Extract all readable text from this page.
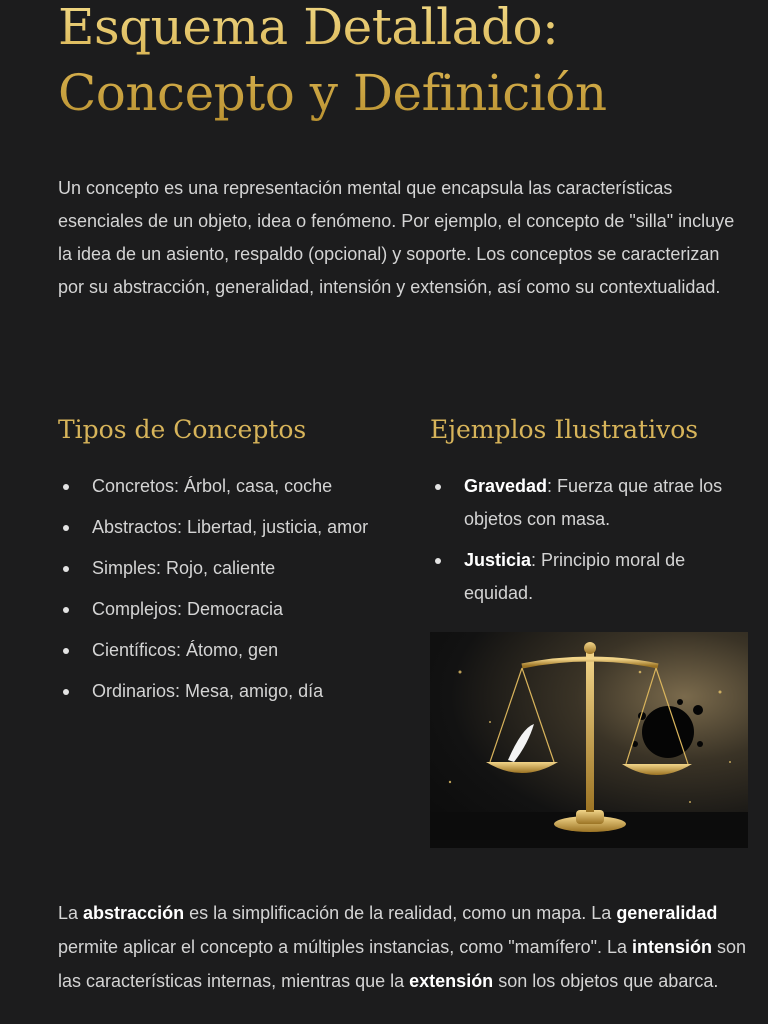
Esquema Detallado:
Concepto y Definición

Un concepto es una representación mental que encapsula las características esenciales de un objeto, idea o fenómeno. Por ejemplo, el concepto de "silla" incluye la idea de un asiento, respaldo (opcional) y soporte. Los conceptos se caracterizan por su abstracción, generalidad, intensión y extensión, así como su contextualidad.

Tipos de Conceptos	Ejemplos Ilustrativos
Concretos: Árbol, casa, coche
Abstractos: Libertad, justicia, amor
Simples: Rojo, caliente
Complejos: Democracia
Científicos: Átomo, gen
Ordinarios: Mesa, amigo, día
Gravedad: Fuerza que atrae los objetos con masa.
Justicia: Principio moral de equidad.

La abstracción es la simplificación de la realidad, como un mapa. La generalidad permite aplicar el concepto a múltiples instancias, como "mamífero". La intensión son las características internas, mientras que la extensión son los objetos que abarca.
